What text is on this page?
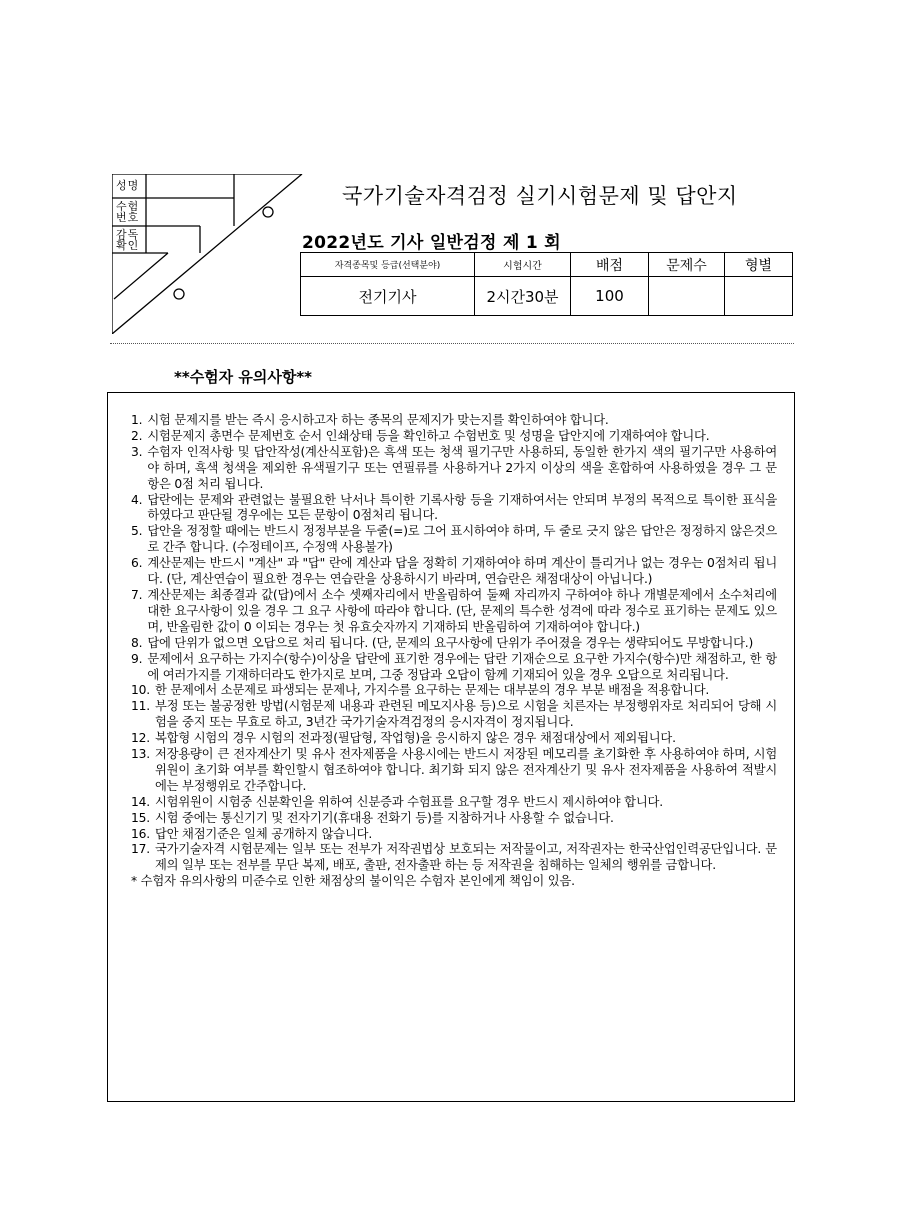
성명
수험
번호
감독
확인
국가기술자격검정 실기시험문제 및 답안지
2022년도 기사 일반검정 제 1 회
자격종목및 등급(선택분야)	시험시간	배점	문제수	형별
전기기사	2시간30분	100		
**수험자 유의사항**
1. 시험 문제지를 받는 즉시 응시하고자 하는 종목의 문제지가 맞는지를 확인하여야 합니다.
2. 시험문제지 총면수 문제번호 순서 인쇄상태 등을 확인하고 수험번호 및 성명을 답안지에 기재하여야 합니다.
3. 수험자 인적사항 및 답안작성(계산식포함)은 흑색 또는 청색 필기구만 사용하되, 동일한 한가지 색의 필기구만 사용하여야 하며, 흑색 청색을 제외한 유색필기구 또는 연필류를 사용하거나 2가지 이상의 색을 혼합하여 사용하였을 경우 그 문항은 0점 처리 됩니다.
4. 답란에는 문제와 관련없는 불필요한 낙서나 특이한 기록사항 등을 기재하여서는 안되며 부정의 목적으로 특이한 표식을 하였다고 판단될 경우에는 모든 문항이 0점처리 됩니다.
5. 답안을 정정할 때에는 반드시 정정부분을 두줄(=)로 그어 표시하여야 하며, 두 줄로 긋지 않은 답안은 정정하지 않은것으로 간주 합니다. (수정테이프, 수정액 사용불가)
6. 계산문제는 반드시 "계산" 과 "답" 란에 계산과 답을 정확히 기재하여야 하며 계산이 틀리거나 없는 경우는 0점처리 됩니다. (단, 계산연습이 필요한 경우는 연습란을 상용하시기 바라며, 연습란은 채점대상이 아닙니다.)
7. 계산문제는 최종결과 값(답)에서 소수 셋째자리에서 반올림하여 둘째 자리까지 구하여야 하나 개별문제에서 소수처리에 대한 요구사항이 있을 경우 그 요구 사항에 따라야 합니다. (단, 문제의 특수한 성격에 따라 정수로 표기하는 문제도 있으며, 반올림한 값이 0 이되는 경우는 첫 유효숫자까지 기재하되 반올림하여 기재하여야 합니다.)
8. 답에 단위가 없으면 오답으로 처리 됩니다. (단, 문제의 요구사항에 단위가 주어졌을 경우는 생략되어도 무방합니다.)
9. 문제에서 요구하는 가지수(항수)이상을 답란에 표기한 경우에는 답란 기재순으로 요구한 가지수(항수)만 채점하고, 한 항에 여러가지를 기재하더라도 한가지로 보며, 그중 정답과 오답이 함께 기재되어 있을 경우 오답으로 처리됩니다.
10. 한 문제에서 소문제로 파생되는 문제나, 가지수를 요구하는 문제는 대부분의 경우 부분 배점을 적용합니다.
11. 부정 또는 불공정한 방법(시험문제 내용과 관련된 메모지사용 등)으로 시험을 치른자는 부정행위자로 처리되어 당해 시험을 중지 또는 무효로 하고, 3년간 국가기술자격검정의 응시자격이 정지됩니다.
12. 복합형 시험의 경우 시험의 전과정(필답형, 작업형)을 응시하지 않은 경우 채점대상에서 제외됩니다.
13. 저장용량이 큰 전자계산기 및 유사 전자제품을 사용시에는 반드시 저장된 메모리를 초기화한 후 사용하여야 하며, 시험위원이 초기화 여부를 확인할시 협조하여야 합니다. 최기화 되지 않은 전자계산기 및 유사 전자제품을 사용하여 적발시에는 부정행위로 간주합니다.
14. 시험위원이 시험중 신분확인을 위하여 신분증과 수험표를 요구할 경우 반드시 제시하여야 합니다.
15. 시험 중에는 통신기기 및 전자기기(휴대용 전화기 등)를 지참하거나 사용할 수 없습니다.
16. 답안 채점기준은 일체 공개하지 않습니다.
17. 국가기술자격 시험문제는 일부 또는 전부가 저작권법상 보호되는 저작물이고, 저작권자는 한국산업인력공단입니다. 문제의 일부 또는 전부를 무단 복제, 배포, 출판, 전자출판 하는 등 저작권을 침해하는 일체의 행위를 금합니다.
* 수험자 유의사항의 미준수로 인한 채점상의 불이익은 수험자 본인에게 책임이 있음.
